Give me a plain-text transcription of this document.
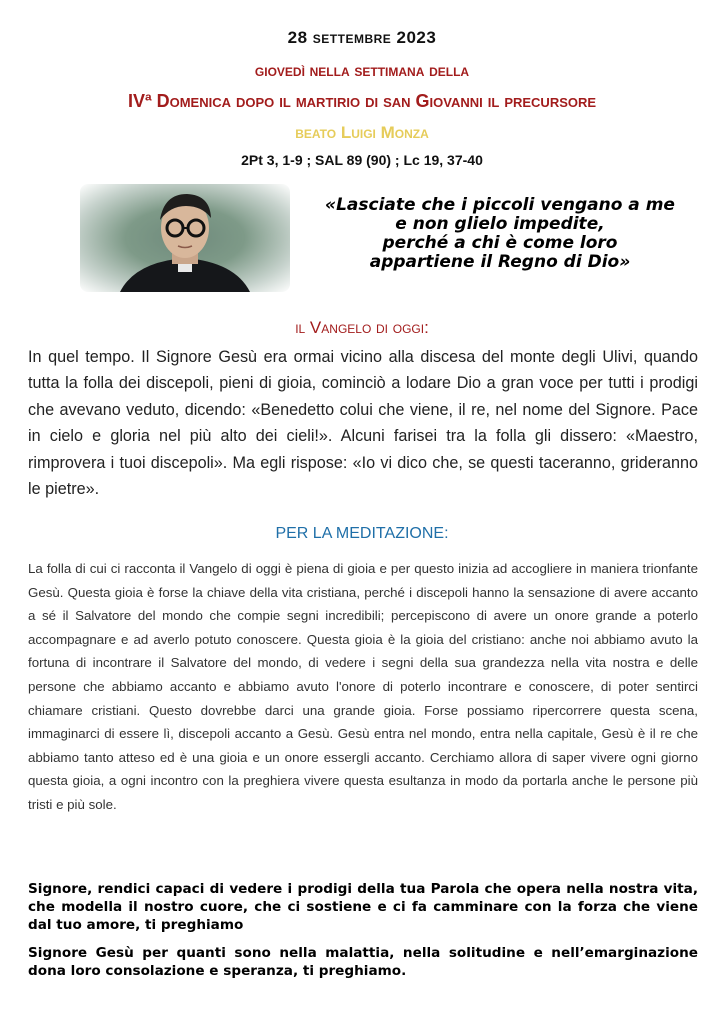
28 settembre 2023
giovedì nella settimana della
IVª Domenica dopo il martirio di san Giovanni il precursore
beato Luigi Monza
2Pt 3, 1-9 ; SAL 89 (90) ; Lc 19, 37-40
«Lasciate che i piccoli vengano a me
e non glielo impedite,
perché a chi è come loro
appartiene il Regno di Dio»
il Vangelo di oggi:
In quel tempo. Il Signore Gesù era ormai vicino alla discesa del monte degli Ulivi, quando tutta la folla dei discepoli, pieni di gioia, cominciò a lodare Dio a gran voce per tutti i prodigi che avevano veduto, dicendo: «Benedetto colui che viene, il re, nel nome del Signore. Pace in cielo e gloria nel più alto dei cieli!». Alcuni farisei tra la folla gli dissero: «Maestro, rimprovera i tuoi discepoli». Ma egli rispose: «Io vi dico che, se questi taceranno, grideranno le pietre».
PER LA MEDITAZIONE:
La folla di cui ci racconta il Vangelo di oggi è piena di gioia e per questo inizia ad accogliere in maniera trionfante Gesù. Questa gioia è forse la chiave della vita cristiana, perché i discepoli hanno la sensazione di avere accanto a sé il Salvatore del mondo che compie segni incredibili; percepiscono di avere un onore grande a poterlo accompagnare e ad averlo potuto conoscere. Questa gioia è la gioia del cristiano: anche noi abbiamo avuto la fortuna di incontrare il Salvatore del mondo, di vedere i segni della sua grandezza nella vita nostra e delle persone che abbiamo accanto e abbiamo avuto l'onore di poterlo incontrare e conoscere, di poter sentirci chiamare cristiani. Questo dovrebbe darci una grande gioia. Forse possiamo ripercorrere questa scena, immaginarci di essere lì, discepoli accanto a Gesù. Gesù entra nel mondo, entra nella capitale, Gesù è il re che abbiamo tanto atteso ed è una gioia e un onore essergli accanto. Cerchiamo allora di saper vivere ogni giorno questa gioia, a ogni incontro con la preghiera vivere questa esultanza in modo da portarla anche le persone più tristi e più sole.
Signore, rendici capaci di vedere i prodigi della tua Parola che opera nella nostra vita, che modella il nostro cuore, che ci sostiene e ci fa camminare con la forza che viene dal tuo amore, ti preghiamo
Signore Gesù per quanti sono nella malattia, nella solitudine e nell’emarginazione dona loro consolazione e speranza, ti preghiamo.
